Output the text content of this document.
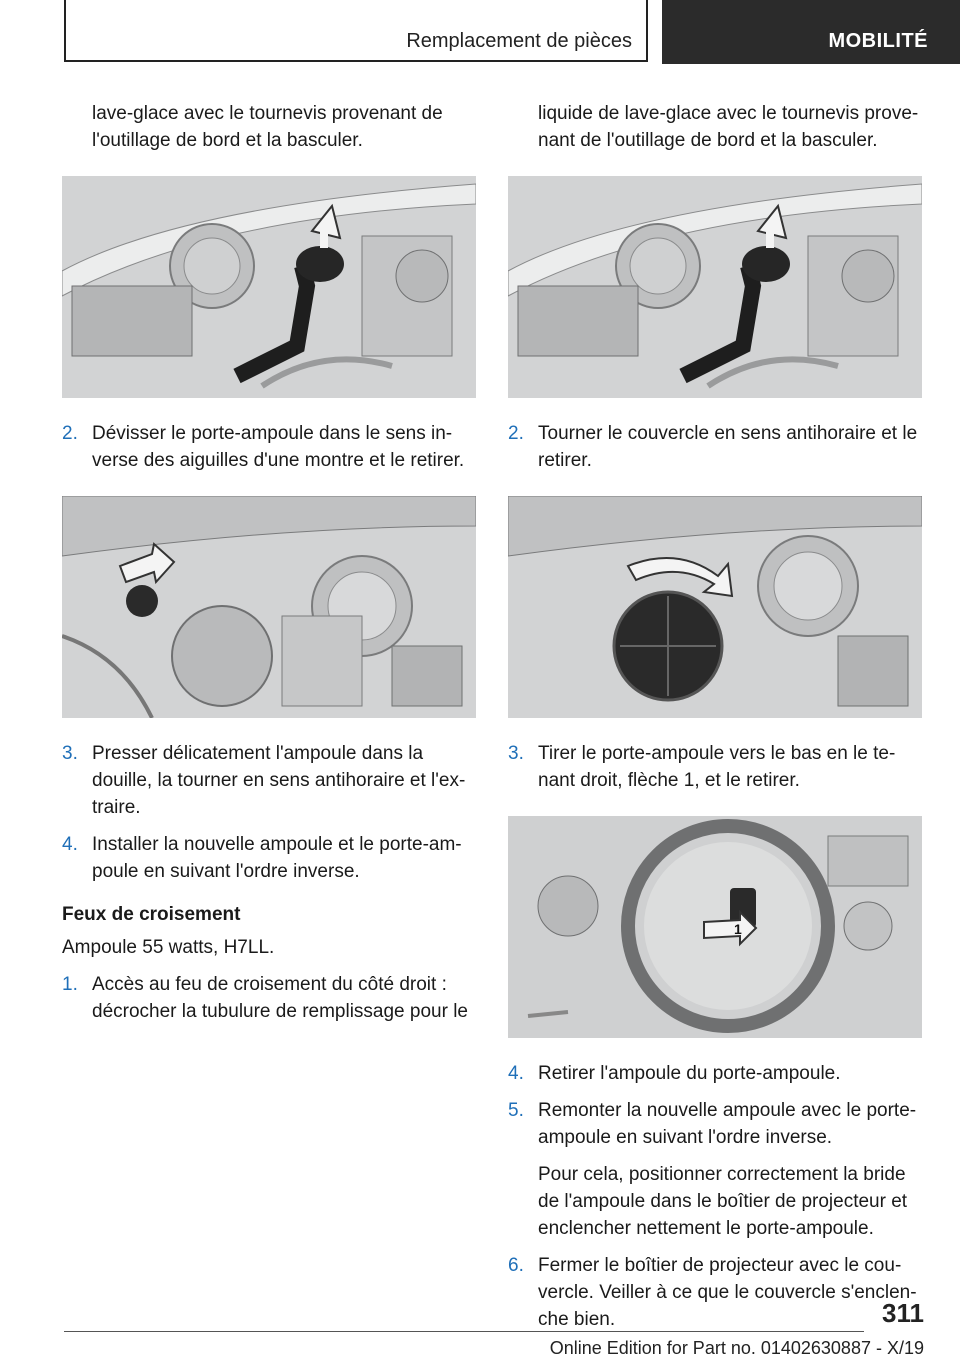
Remplacement de pièces	MOBILITÉ

lave-glace avec le tournevis provenant de l'outillage de bord et la basculer.

2. Dévisser le porte-ampoule dans le sens in-verse des aiguilles d'une montre et le retirer.
3. Presser délicatement l'ampoule dans la douille, la tourner en sens antihoraire et l'ex-traire.
4. Installer la nouvelle ampoule et le porte-am-poule en suivant l'ordre inverse.
Feux de croisement

Ampoule 55 watts, H7LL.

1. Accès au feu de croisement du côté droit : décrocher la tubulure de remplissage pour le

liquide de lave-glace avec le tournevis prove-nant de l'outillage de bord et la basculer.

2. Tourner le couvercle en sens antihoraire et le retirer.
3. Tirer le porte-ampoule vers le bas en le te-nant droit, flèche 1, et le retirer.
1
4. Retirer l'ampoule du porte-ampoule.
5. Remonter la nouvelle ampoule avec le porte-ampoule en suivant l'ordre inverse.

Pour cela, positionner correctement la bride de l'ampoule dans le boîtier de projecteur et enclencher nettement le porte-ampoule.

6. Fermer le boîtier de projecteur avec le cou-vercle. Veiller à ce que le couvercle s'enclen-che bien.	311
Online Edition for Part no. 01402630887 - X/19
